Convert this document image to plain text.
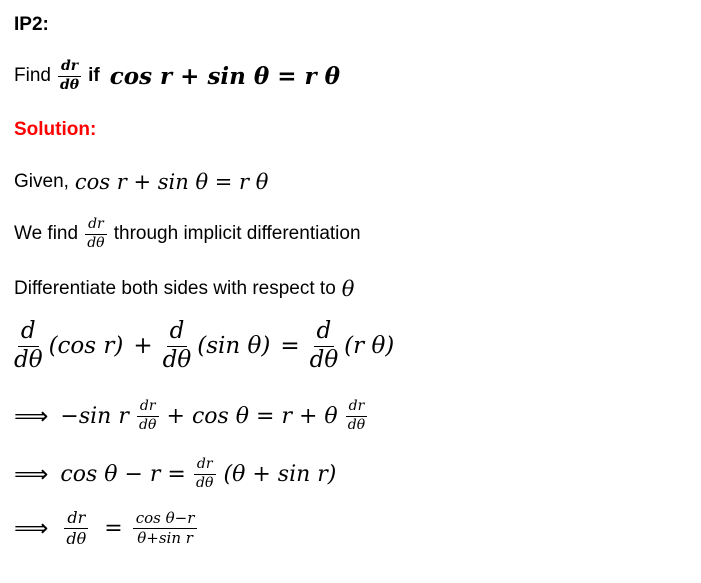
IP2:
Find $\frac{dr}{d\theta}$ if cos r + sin θ = r θ
Solution:
Given, cos r + sin θ = r θ
We find $\frac{dr}{d\theta}$ through implicit differentiation
Differentiate both sides with respect to θ
$\frac{d}{d\theta} (\cos$ $r) + \frac{d}{d\theta} (\sin$ $\theta) = \frac{d}{d\theta} (r$ θ)
⟹ −sin r $\frac{dr}{d\theta} + \cos \theta = r + \theta \frac{dr}{d\theta}$
⟹ $\cos \theta - r = \frac{dr}{d\theta} (\theta + \sin r)$
⟹ $\frac{dr}{d\theta} = \frac{\text{cos θ−r}}{\text{θ+sin r}}$
